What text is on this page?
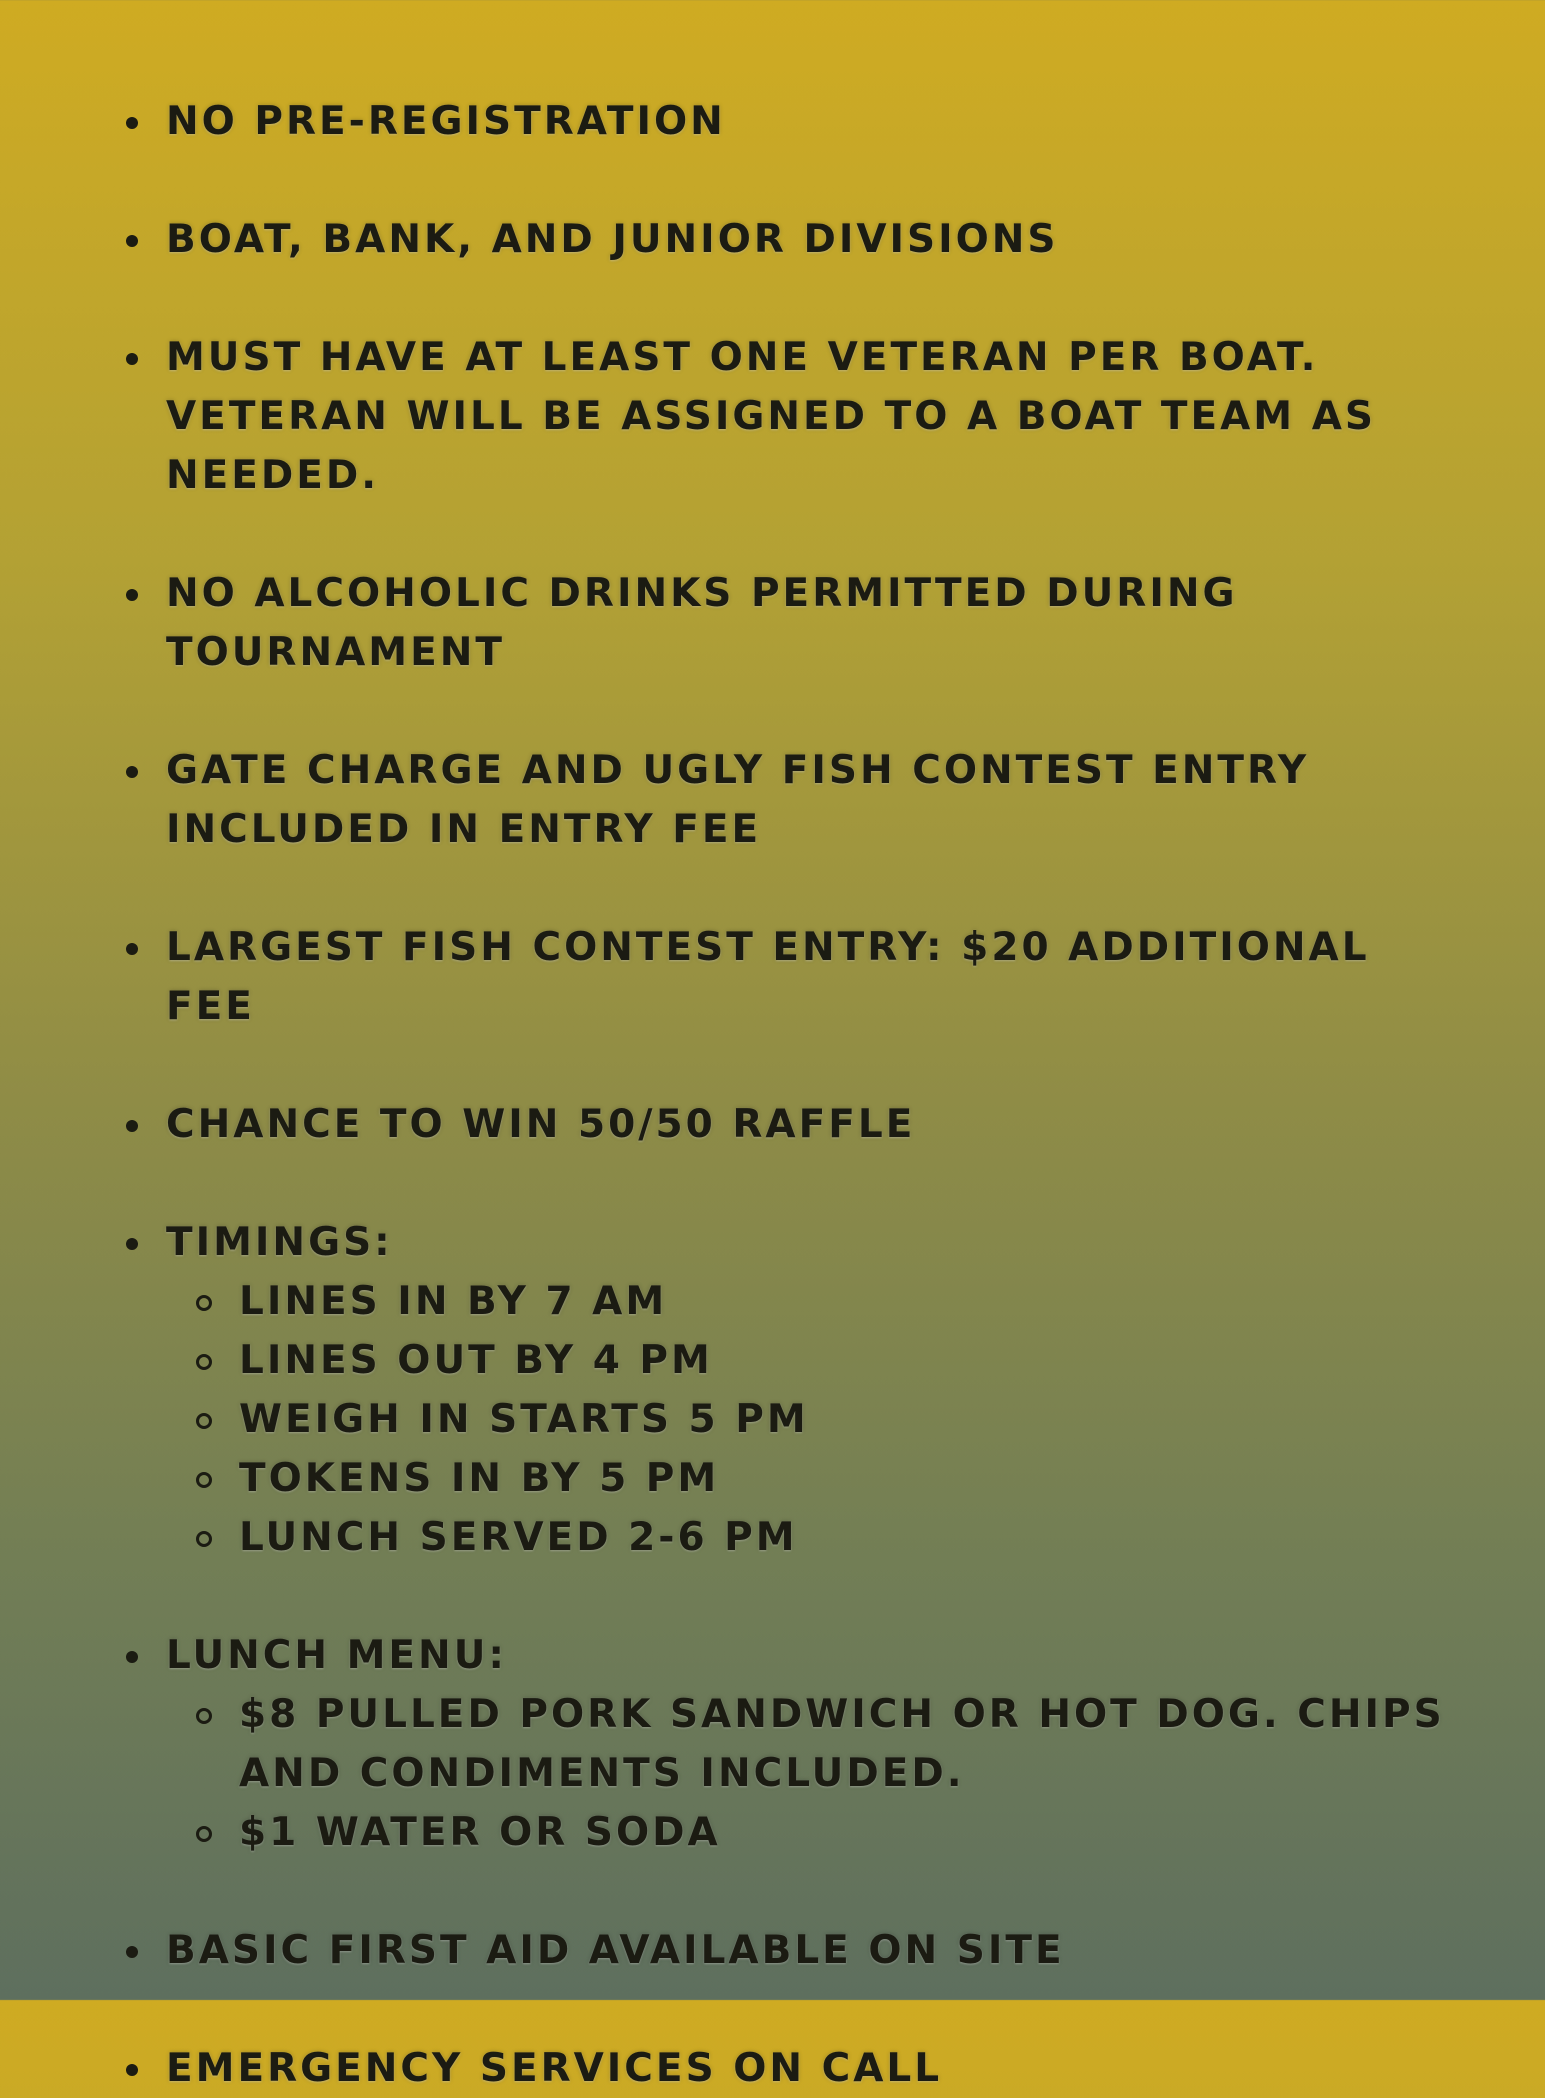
NO PRE-REGISTRATION
BOAT, BANK, AND JUNIOR DIVISIONS
MUST HAVE AT LEAST ONE VETERAN PER BOAT. VETERAN WILL BE ASSIGNED TO A BOAT TEAM AS NEEDED.
NO ALCOHOLIC DRINKS PERMITTED DURING TOURNAMENT
GATE CHARGE AND UGLY FISH CONTEST ENTRY INCLUDED IN ENTRY FEE
LARGEST FISH CONTEST ENTRY: $20 ADDITIONAL FEE
CHANCE TO WIN 50/50 RAFFLE
TIMINGS:
LINES IN BY 7 AM
LINES OUT BY 4 PM
WEIGH IN STARTS 5 PM
TOKENS IN BY 5 PM
LUNCH SERVED 2-6 PM
LUNCH MENU:
$8 PULLED PORK SANDWICH OR HOT DOG. CHIPS AND CONDIMENTS INCLUDED.
$1 WATER OR SODA
BASIC FIRST AID AVAILABLE ON SITE
EMERGENCY SERVICES ON CALL
